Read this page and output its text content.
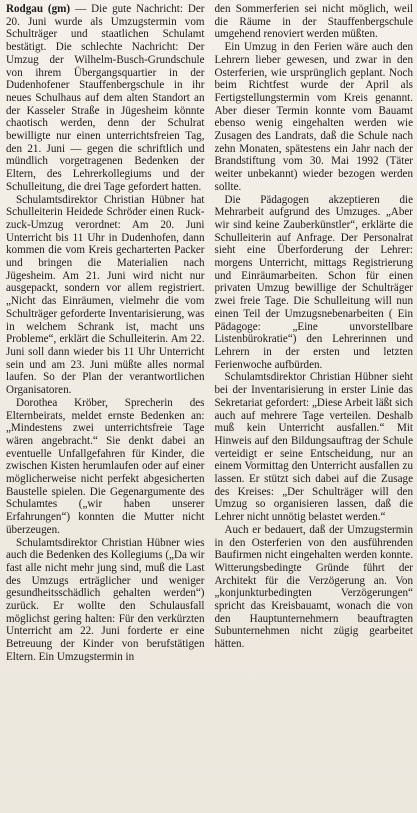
Rodgau (gm) — Die gute Nachricht: Der 20. Juni wurde als Umzugstermin vom Schulträger und staatlichen Schulamt bestätigt. Die schlechte Nachricht: Der Umzug der Wilhelm-Busch-Grundschule von ihrem Übergangsquartier in der Dudenhofener Stauffenbergschule in ihr neues Schulhaus auf dem alten Standort an der Kasseler Straße in Jügesheim könnte chaotisch werden, denn der Schulrat bewilligte nur einen unterrichtsfreien Tag, den 21. Juni — gegen die schriftlich und mündlich vorgetragenen Bedenken der Eltern, des Lehrerkollegiums und der Schulleitung, die drei Tage gefordert hatten.

Schulamtsdirektor Christian Hübner hat Schulleiterin Heidede Schröder einen Ruck-zuck-Umzug verordnet: Am 20. Juni Unterricht bis 11 Uhr in Dudenhofen, dann kommen die vom Kreis gecharterten Packer und bringen die Materialien nach Jügesheim. Am 21. Juni wird nicht nur ausgepackt, sondern vor allem registriert. „Nicht das Einräumen, vielmehr die vom Schulträger geforderte Inventarisierung, was in welchem Schrank ist, macht uns Probleme“, erklärt die Schulleiterin. Am 22. Juni soll dann wieder bis 11 Uhr Unterricht sein und am 23. Juni müßte alles normal laufen. So der Plan der verantwortlichen Organisatoren.

Dorothea Kröber, Sprecherin des Elternbeirats, meldet ernste Bedenken an: „Mindestens zwei unterrichtsfreie Tage wären angebracht.“ Sie denkt dabei an eventuelle Unfallgefahren für Kinder, die zwischen Kisten herumlaufen oder auf einer möglicherweise nicht perfekt abgesicherten Baustelle spielen. Die Gegenargumente des Schulamtes („wir haben unserer Erfahrungen“) konnten die Mutter nicht überzeugen.

Schulamtsdirektor Christian Hübner wies auch die Bedenken des Kollegiums („Da wir fast alle nicht mehr jung sind, muß die Last des Umzugs erträglicher und weniger gesundheitsschädlich gehalten werden“) zurück. Er wollte den Schulausfall möglichst gering halten: Für den verkürzten Unterricht am 22. Juni forderte er eine Betreuung der Kinder von berufstätigen Eltern. Ein Umzugstermin in

den Sommerferien sei nicht möglich, weil die Räume in der Stauffenbergschule umgehend renoviert werden müßten.

Ein Umzug in den Ferien wäre auch den Lehrern lieber gewesen, und zwar in den Osterferien, wie ursprünglich geplant. Noch beim Richtfest wurde der April als Fertigstellungstermin vom Kreis genannt. Aber dieser Termin konnte vom Bauamt ebenso wenig eingehalten werden wie Zusagen des Landrats, daß die Schule nach zehn Monaten, spätestens ein Jahr nach der Brandstiftung vom 30. Mai 1992 (Täter weiter unbekannt) wieder bezogen werden sollte.

Die Pädagogen akzeptieren die Mehrarbeit aufgrund des Umzuges. „Aber wir sind keine Zauberkünstler“, erklärte die Schulleiterin auf Anfrage. Der Personalrat sieht eine Überforderung der Lehrer: morgens Unterricht, mittags Registrierung und Einräumarbeiten. Schon für einen privaten Umzug bewillige der Schulträger zwei freie Tage. Die Schulleitung will nun einen Teil der Umzugsnebenarbeiten ( Ein Pädagoge: „Eine unvorstellbare Listenbürokratie“) den Lehrerinnen und Lehrern in der ersten und letzten Ferienwoche aufbürden.

Schulamtsdirektor Christian Hübner sieht bei der Inventarisierung in erster Linie das Sekretariat gefordert: „Diese Arbeit läßt sich auch auf mehrere Tage verteilen. Deshalb muß kein Unterricht ausfallen.“ Mit Hinweis auf den Bildungsauftrag der Schule verteidigt er seine Entscheidung, nur an einem Vormittag den Unterricht ausfallen zu lassen. Er stützt sich dabei auf die Zusage des Kreises: „Der Schulträger will den Umzug so organisieren lassen, daß die Lehrer nicht unnötig belastet werden.“

Auch er bedauert, daß der Umzugstermin in den Osterferien von den ausführenden Baufirmen nicht eingehalten werden konnte. Witterungsbedingte Gründe führt der Architekt für die Verzögerung an. Von „konjunkturbedingten Verzögerungen“ spricht das Kreisbauamt, wonach die von den Hauptunternehmern beauftragten Subunternehmen nicht zügig gearbeitet hätten.
